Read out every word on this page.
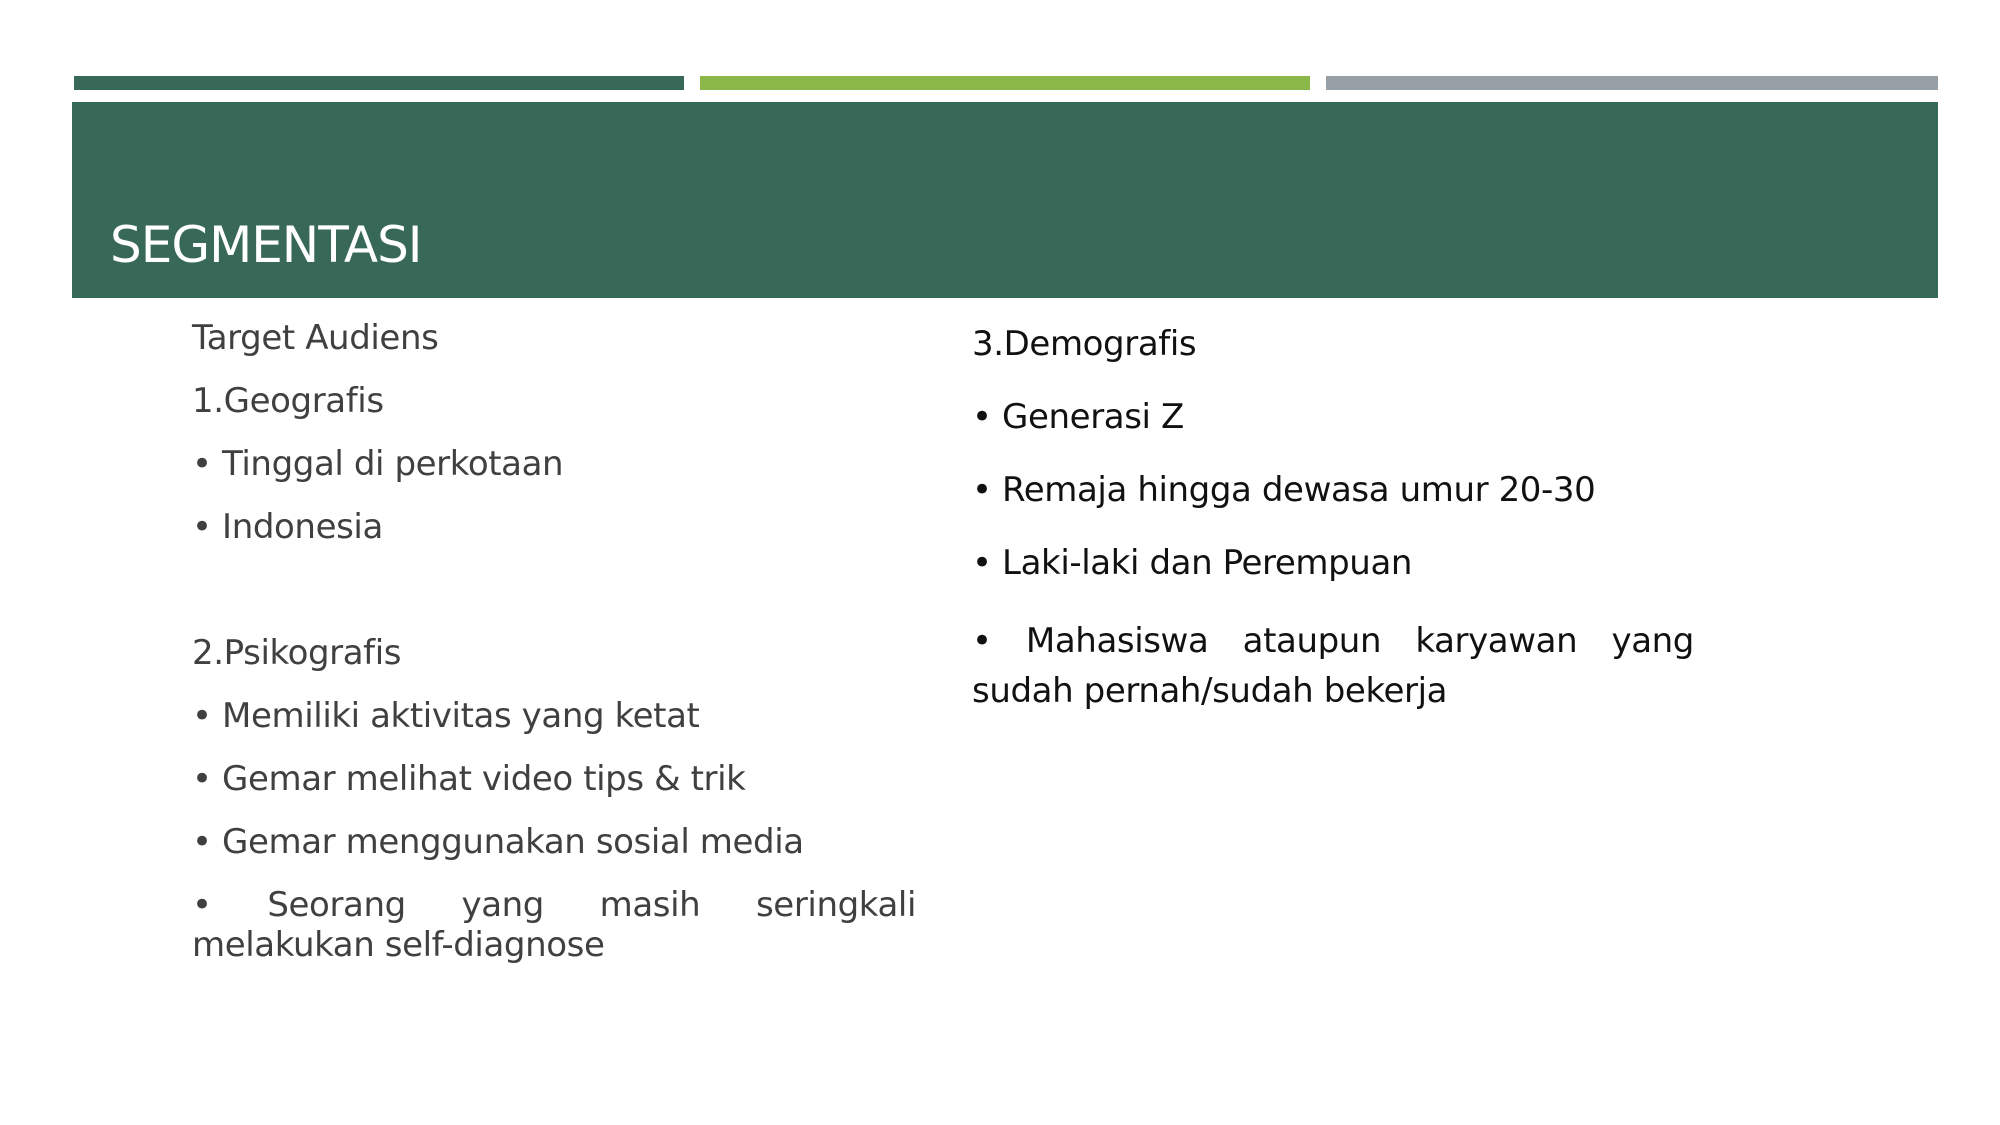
SEGMENTASI

Target Audiens

1.Geografis

• Tinggal di perkotaan

• Indonesia

2.Psikografis

• Memiliki aktivitas yang ketat

• Gemar melihat video tips & trik

• Gemar menggunakan sosial media

• Seorang yang masih seringkali melakukan self-diagnose

3.Demografis

• Generasi Z

• Remaja hingga dewasa umur 20-30

• Laki-laki dan Perempuan

• Mahasiswa ataupun karyawan yang sudah pernah/sudah bekerja
